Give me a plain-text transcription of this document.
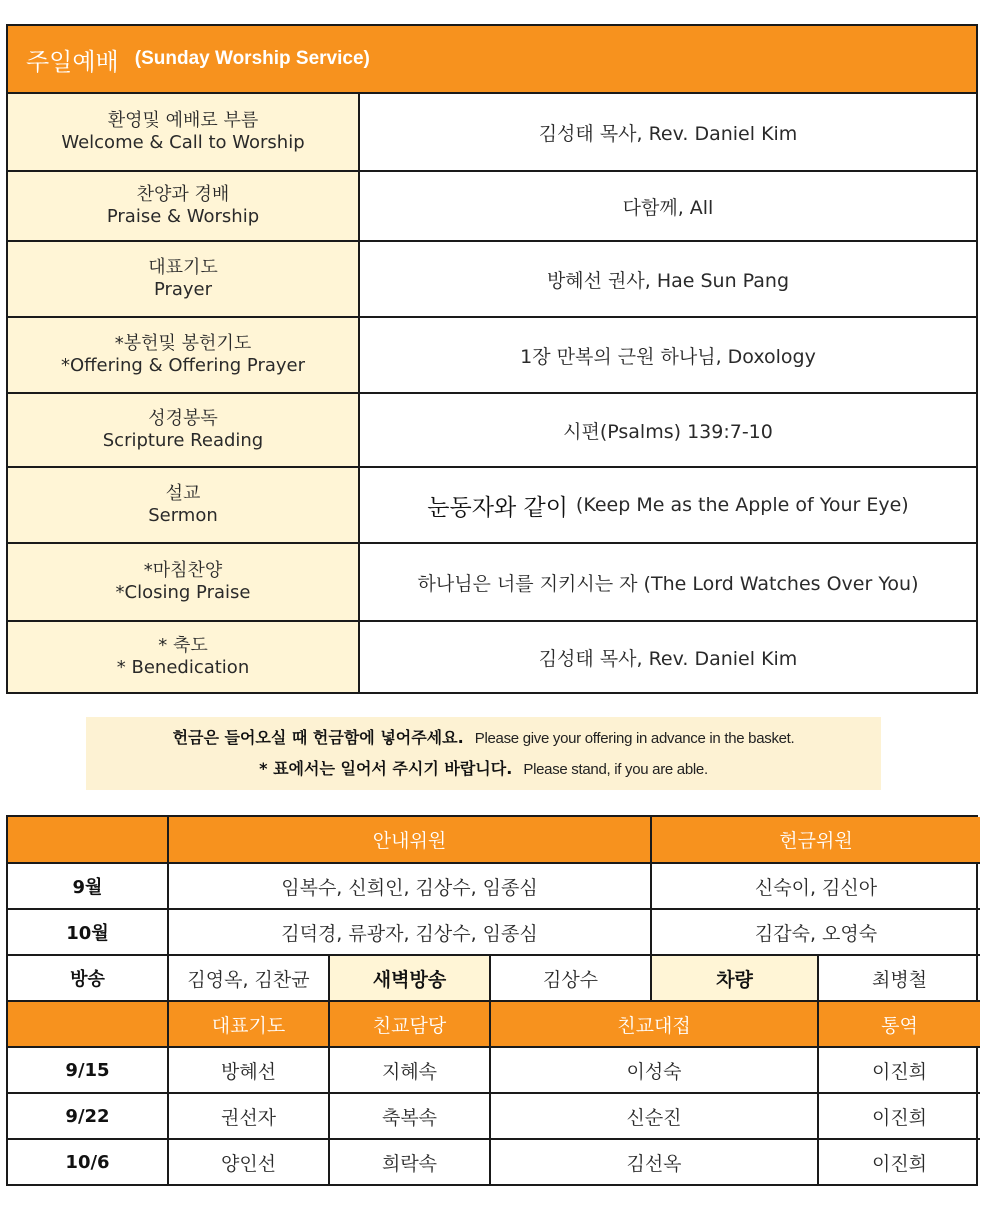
주일예배 (Sunday Worship Service)
환영및 예배로 부름
Welcome & Call to Worship	김성태 목사, Rev. Daniel Kim
찬양과 경배
Praise & Worship	다함께, All
대표기도
Prayer	방혜선 권사, Hae Sun Pang
*봉헌및 봉헌기도
*Offering & Offering Prayer	1장 만복의 근원 하나님, Doxology
성경봉독
Scripture Reading	시편(Psalms) 139:7-10
설교
Sermon	눈동자와 같이 (Keep Me as the Apple of Your Eye)
*마침찬양
*Closing Praise	하나님은 너를 지키시는 자 (The Lord Watches Over You)
* 축도
* Benedication	김성태 목사, Rev. Daniel Kim
헌금은 들어오실 때 헌금함에 넣어주세요. Please give your offering in advance in the basket.
* 표에서는 일어서 주시기 바랍니다. Please stand, if you are able.
	안내위원			헌금위원	
9월	임복수, 신희인, 김상수, 임종심			신숙이, 김신아	
10월	김덕경, 류광자, 김상수, 임종심			김갑숙, 오영숙	
방송	김영옥, 김찬균	새벽방송	김상수	차량	최병철
	대표기도	친교담당	친교대접		통역
9/15	방혜선	지혜속	이성숙		이진희
9/22	권선자	축복속	신순진		이진희
10/6	양인선	희락속	김선옥		이진희
